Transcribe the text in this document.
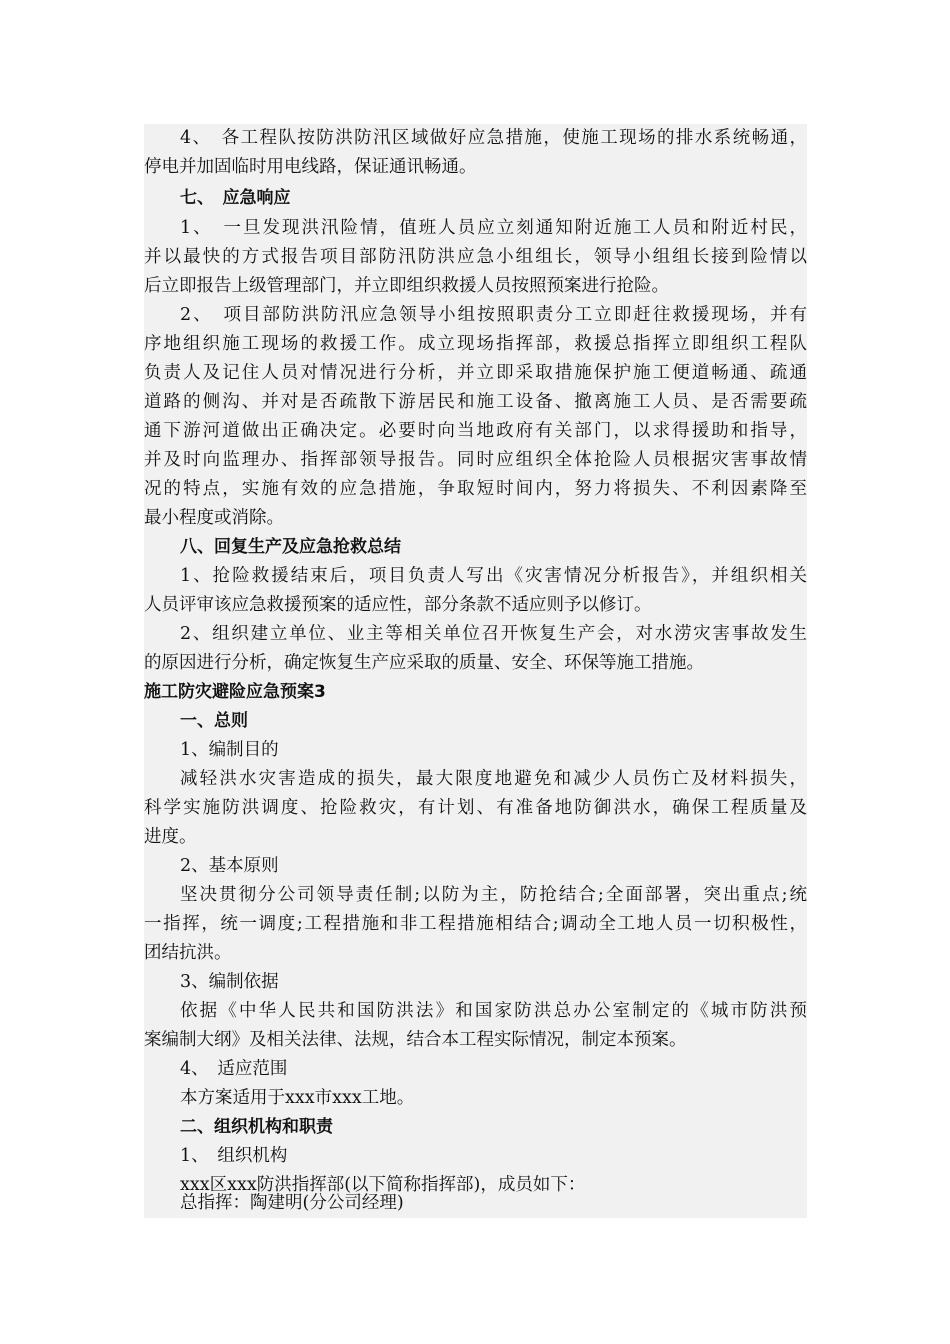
4、　各工程队按防洪防汛区域做好应急措施，使施工现场的排水系统畅通，
停电并加固临时用电线路，保证通讯畅通。
七、　应急响应
1、　一旦发现洪汛险情，值班人员应立刻通知附近施工人员和附近村民，
并以最快的方式报告项目部防汛防洪应急小组组长，领导小组组长接到险情以
后立即报告上级管理部门，并立即组织救援人员按照预案进行抢险。
2、　项目部防洪防汛应急领导小组按照职责分工立即赶往救援现场，并有
序地组织施工现场的救援工作。成立现场指挥部，救援总指挥立即组织工程队
负责人及记住人员对情况进行分析，并立即采取措施保护施工便道畅通、疏通
道路的侧沟、并对是否疏散下游居民和施工设备、撤离施工人员、是否需要疏
通下游河道做出正确决定。必要时向当地政府有关部门，以求得援助和指导，
并及时向监理办、指挥部领导报告。同时应组织全体抢险人员根据灾害事故情
况的特点，实施有效的应急措施，争取短时间内，努力将损失、不利因素降至
最小程度或消除。
八、回复生产及应急抢救总结
1、抢险救援结束后，项目负责人写出《灾害情况分析报告》，并组织相关
人员评审该应急救援预案的适应性，部分条款不适应则予以修订。
2、组织建立单位、业主等相关单位召开恢复生产会，对水涝灾害事故发生
的原因进行分析，确定恢复生产应采取的质量、安全、环保等施工措施。
施工防灾避险应急预案3
一、总则
1、编制目的
减轻洪水灾害造成的损失，最大限度地避免和减少人员伤亡及材料损失，
科学实施防洪调度、抢险救灾，有计划、有准备地防御洪水，确保工程质量及
进度。
2、基本原则
坚决贯彻分公司领导责任制;以防为主，防抢结合;全面部署，突出重点;统
一指挥，统一调度;工程措施和非工程措施相结合;调动全工地人员一切积极性，
团结抗洪。
3、编制依据
依据《中华人民共和国防洪法》和国家防洪总办公室制定的《城市防洪预
案编制大纲》及相关法律、法规，结合本工程实际情况，制定本预案。
4、　适应范围
本方案适用于xxx市xxx工地。
二、组织机构和职责
1、　组织机构
xxx区xxx防洪指挥部(以下简称指挥部)，成员如下：
总指挥：陶建明(分公司经理)
